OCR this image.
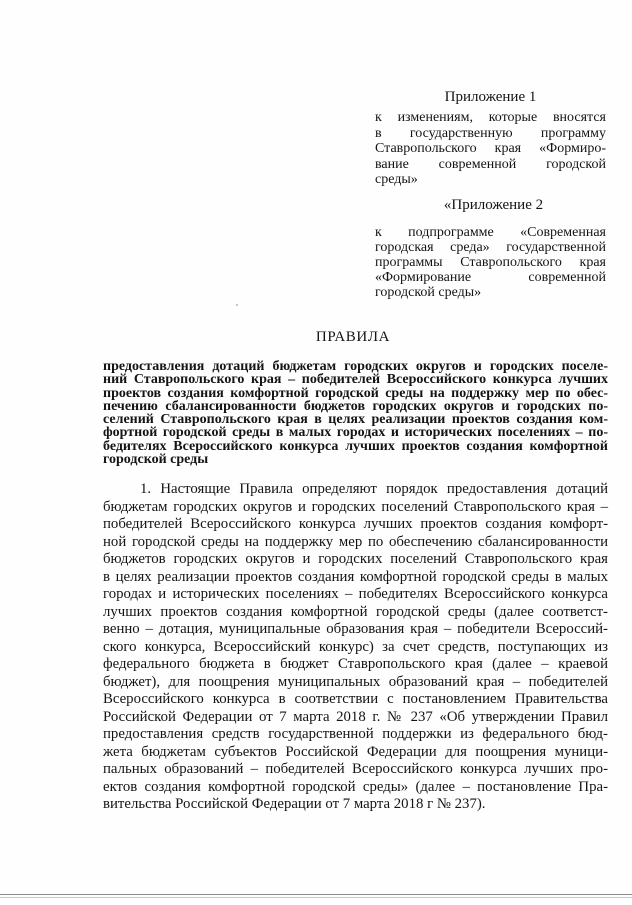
Приложение 1
к изменениям, которые вносятся
в государственную программу
Ставропольского края «Формиро-
вание современной городской
среды»
«Приложение 2
к подпрограмме «Современная
городская среда» государственной
программы Ставропольского края
«Формирование современной
городской среды»
ПРАВИЛА
предоставления дотаций бюджетам городских округов и городских поселе-
ний Ставропольского края – победителей Всероссийского конкурса лучших
проектов создания комфортной городской среды на поддержку мер по обес-
печению сбалансированности бюджетов городских округов и городских по-
селений Ставропольского края в целях реализации проектов создания ком-
фортной городской среды в малых городах и исторических поселениях – по-
бедителях Всероссийского конкурса лучших проектов создания комфортной
городской среды
1. Настоящие Правила определяют порядок предоставления дотаций
бюджетам городских округов и городских поселений Ставропольского края –
победителей Всероссийского конкурса лучших проектов создания комфорт-
ной городской среды на поддержку мер по обеспечению сбалансированности
бюджетов городских округов и городских поселений Ставропольского края
в целях реализации проектов создания комфортной городской среды в малых
городах и исторических поселениях – победителях Всероссийского конкурса
лучших проектов создания комфортной городской среды (далее соответст-
венно – дотация, муниципальные образования края – победители Всероссий-
ского конкурса, Всероссийский конкурс) за счет средств, поступающих из
федерального бюджета в бюджет Ставропольского края (далее – краевой
бюджет), для поощрения муниципальных образований края – победителей
Всероссийского конкурса в соответствии с постановлением Правительства
Российской Федерации от 7 марта 2018 г. № 237 «Об утверждении Правил
предоставления средств государственной поддержки из федерального бюд-
жета бюджетам субъектов Российской Федерации для поощрения муници-
пальных образований – победителей Всероссийского конкурса лучших про-
ектов создания комфортной городской среды» (далее – постановление Пра-
вительства Российской Федерации от 7 марта 2018 г № 237).
